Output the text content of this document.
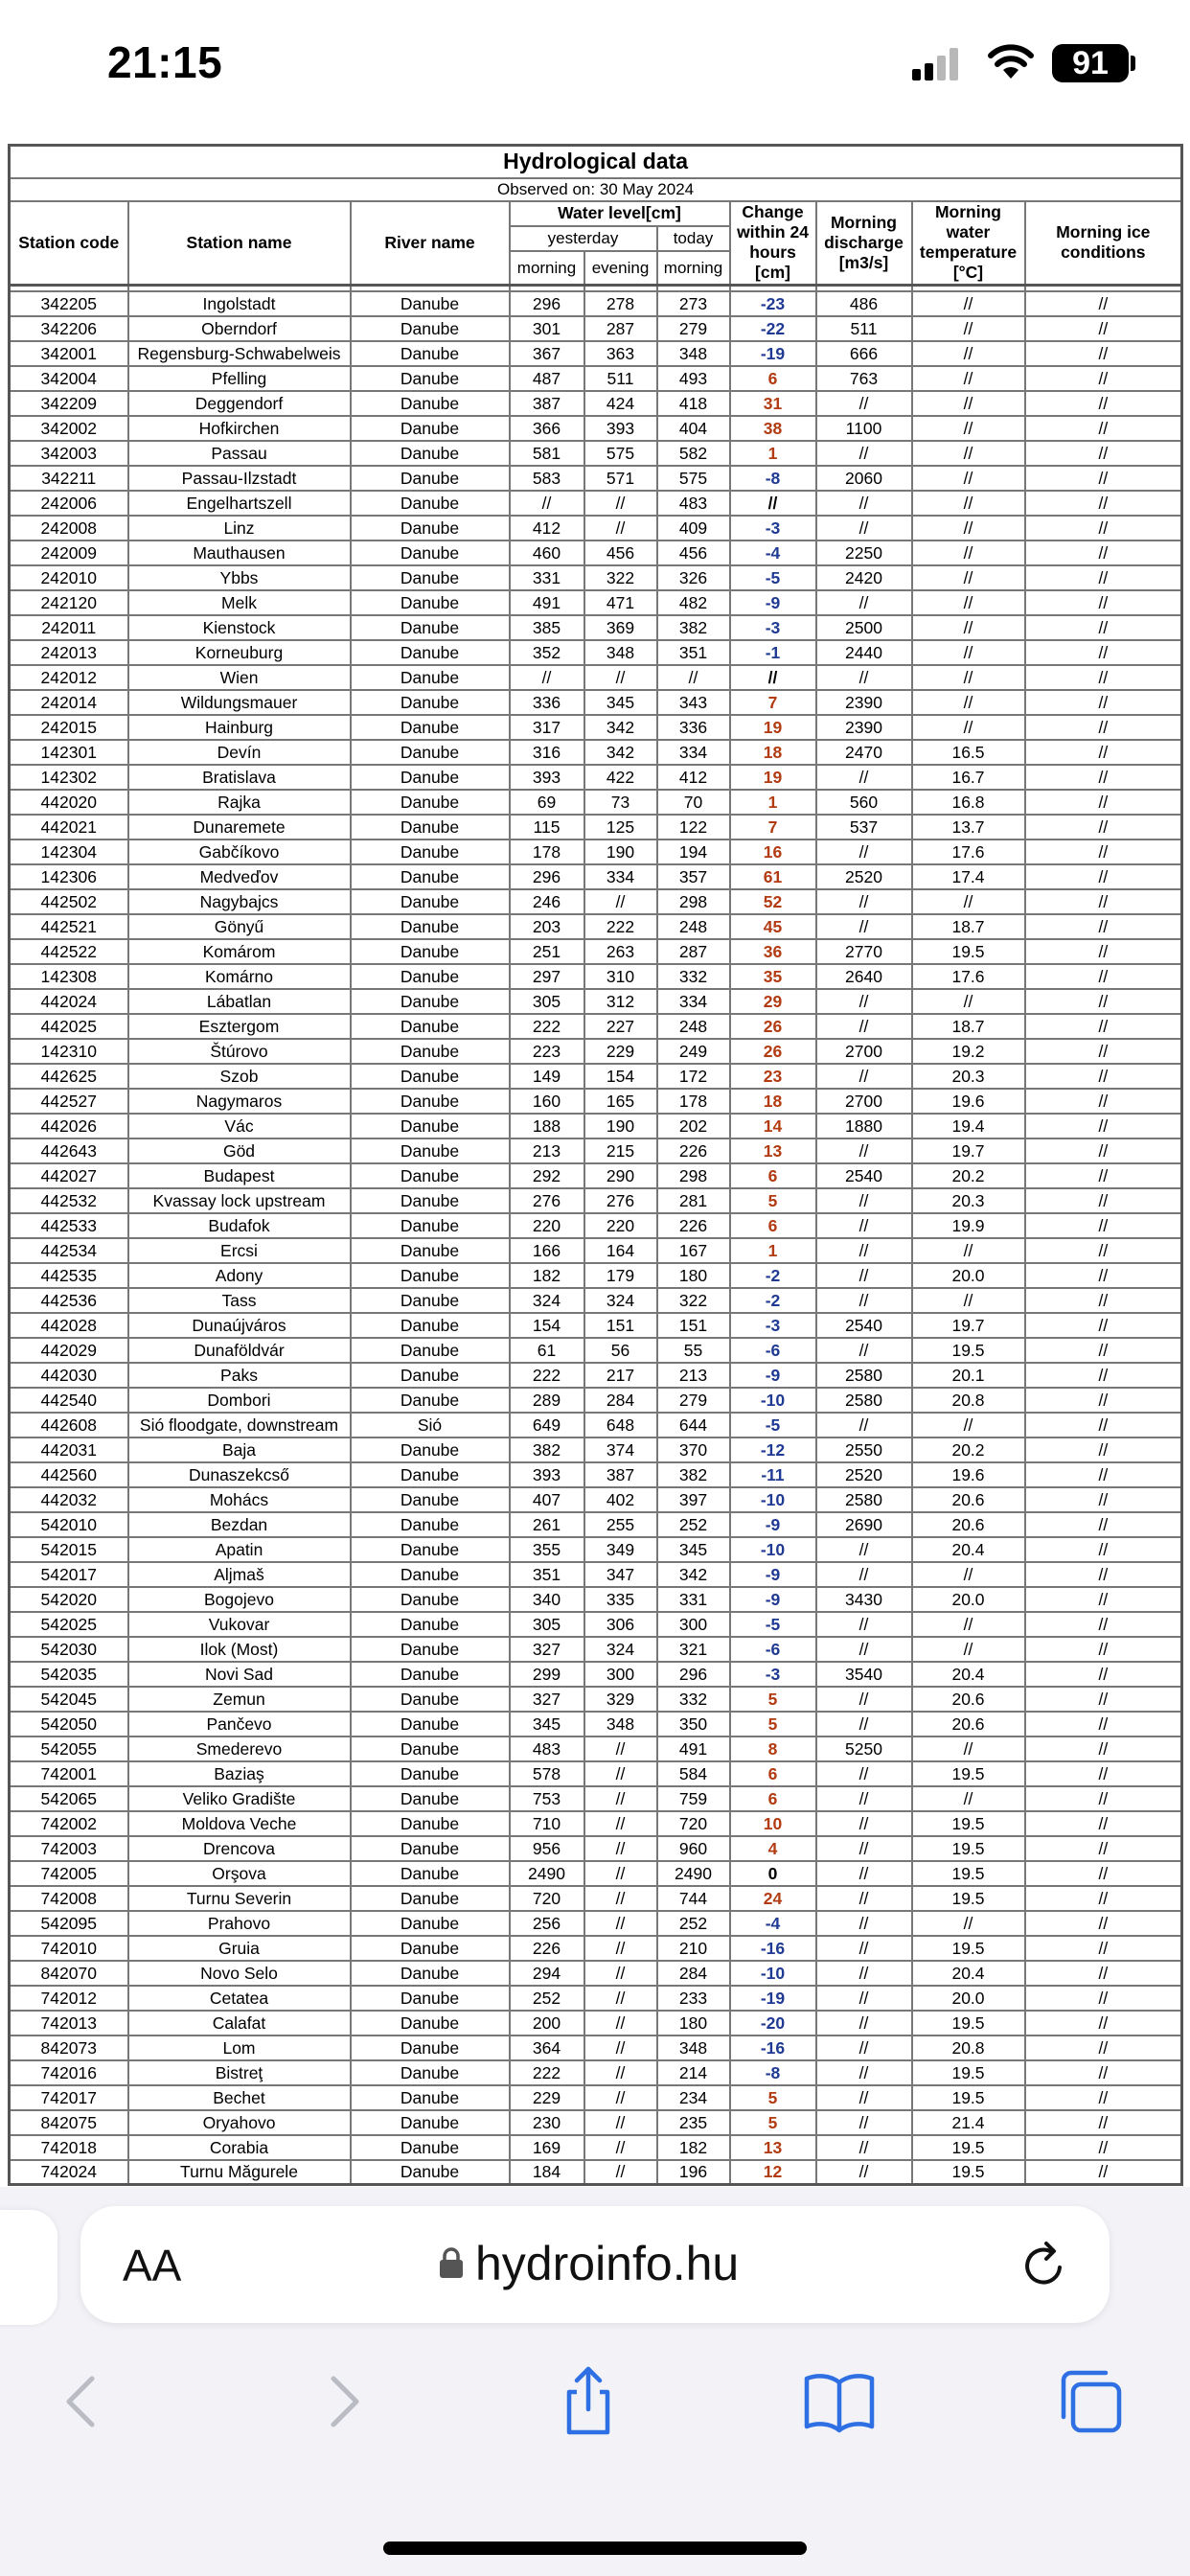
21:15	91
Hydrological data									
Observed on: 30 May 2024									
Station code	Station name	River name	Water level[cm]			Change within 24 hours [cm]	Morning discharge [m3/s]	Morning water temperature [°C]	Morning ice conditions
			yesterday		today				
			morning	evening	morning				

342205	Ingolstadt	Danube	296	278	273	-23	486	//	//
342206	Oberndorf	Danube	301	287	279	-22	511	//	//
342001	Regensburg-Schwabelweis	Danube	367	363	348	-19	666	//	//
342004	Pfelling	Danube	487	511	493	6	763	//	//
342209	Deggendorf	Danube	387	424	418	31	//	//	//
342002	Hofkirchen	Danube	366	393	404	38	1100	//	//
342003	Passau	Danube	581	575	582	1	//	//	//
342211	Passau-Ilzstadt	Danube	583	571	575	-8	2060	//	//
242006	Engelhartszell	Danube	//	//	483	//	//	//	//
242008	Linz	Danube	412	//	409	-3	//	//	//
242009	Mauthausen	Danube	460	456	456	-4	2250	//	//
242010	Ybbs	Danube	331	322	326	-5	2420	//	//
242120	Melk	Danube	491	471	482	-9	//	//	//
242011	Kienstock	Danube	385	369	382	-3	2500	//	//
242013	Korneuburg	Danube	352	348	351	-1	2440	//	//
242012	Wien	Danube	//	//	//	//	//	//	//
242014	Wildungsmauer	Danube	336	345	343	7	2390	//	//
242015	Hainburg	Danube	317	342	336	19	2390	//	//
142301	Devín	Danube	316	342	334	18	2470	16.5	//
142302	Bratislava	Danube	393	422	412	19	//	16.7	//
442020	Rajka	Danube	69	73	70	1	560	16.8	//
442021	Dunaremete	Danube	115	125	122	7	537	13.7	//
142304	Gabčíkovo	Danube	178	190	194	16	//	17.6	//
142306	Medveďov	Danube	296	334	357	61	2520	17.4	//
442502	Nagybajcs	Danube	246	//	298	52	//	//	//
442521	Gönyű	Danube	203	222	248	45	//	18.7	//
442522	Komárom	Danube	251	263	287	36	2770	19.5	//
142308	Komárno	Danube	297	310	332	35	2640	17.6	//
442024	Lábatlan	Danube	305	312	334	29	//	//	//
442025	Esztergom	Danube	222	227	248	26	//	18.7	//
142310	Štúrovo	Danube	223	229	249	26	2700	19.2	//
442625	Szob	Danube	149	154	172	23	//	20.3	//
442527	Nagymaros	Danube	160	165	178	18	2700	19.6	//
442026	Vác	Danube	188	190	202	14	1880	19.4	//
442643	Göd	Danube	213	215	226	13	//	19.7	//
442027	Budapest	Danube	292	290	298	6	2540	20.2	//
442532	Kvassay lock upstream	Danube	276	276	281	5	//	20.3	//
442533	Budafok	Danube	220	220	226	6	//	19.9	//
442534	Ercsi	Danube	166	164	167	1	//	//	//
442535	Adony	Danube	182	179	180	-2	//	20.0	//
442536	Tass	Danube	324	324	322	-2	//	//	//
442028	Dunaújváros	Danube	154	151	151	-3	2540	19.7	//
442029	Dunaföldvár	Danube	61	56	55	-6	//	19.5	//
442030	Paks	Danube	222	217	213	-9	2580	20.1	//
442540	Dombori	Danube	289	284	279	-10	2580	20.8	//
442608	Sió floodgate, downstream	Sió	649	648	644	-5	//	//	//
442031	Baja	Danube	382	374	370	-12	2550	20.2	//
442560	Dunaszekcső	Danube	393	387	382	-11	2520	19.6	//
442032	Mohács	Danube	407	402	397	-10	2580	20.6	//
542010	Bezdan	Danube	261	255	252	-9	2690	20.6	//
542015	Apatin	Danube	355	349	345	-10	//	20.4	//
542017	Aljmaš	Danube	351	347	342	-9	//	//	//
542020	Bogojevo	Danube	340	335	331	-9	3430	20.0	//
542025	Vukovar	Danube	305	306	300	-5	//	//	//
542030	Ilok (Most)	Danube	327	324	321	-6	//	//	//
542035	Novi Sad	Danube	299	300	296	-3	3540	20.4	//
542045	Zemun	Danube	327	329	332	5	//	20.6	//
542050	Pančevo	Danube	345	348	350	5	//	20.6	//
542055	Smederevo	Danube	483	//	491	8	5250	//	//
742001	Baziaş	Danube	578	//	584	6	//	19.5	//
542065	Veliko Gradište	Danube	753	//	759	6	//	//	//
742002	Moldova Veche	Danube	710	//	720	10	//	19.5	//
742003	Drencova	Danube	956	//	960	4	//	19.5	//
742005	Orşova	Danube	2490	//	2490	0	//	19.5	//
742008	Turnu Severin	Danube	720	//	744	24	//	19.5	//
542095	Prahovo	Danube	256	//	252	-4	//	//	//
742010	Gruia	Danube	226	//	210	-16	//	19.5	//
842070	Novo Selo	Danube	294	//	284	-10	//	20.4	//
742012	Cetatea	Danube	252	//	233	-19	//	20.0	//
742013	Calafat	Danube	200	//	180	-20	//	19.5	//
842073	Lom	Danube	364	//	348	-16	//	20.8	//
742016	Bistreţ	Danube	222	//	214	-8	//	19.5	//
742017	Bechet	Danube	229	//	234	5	//	19.5	//
842075	Oryahovo	Danube	230	//	235	5	//	21.4	//
742018	Corabia	Danube	169	//	182	13	//	19.5	//
742024	Turnu Măgurele	Danube	184	//	196	12	//	19.5	//
AA	hydroinfo.hu
